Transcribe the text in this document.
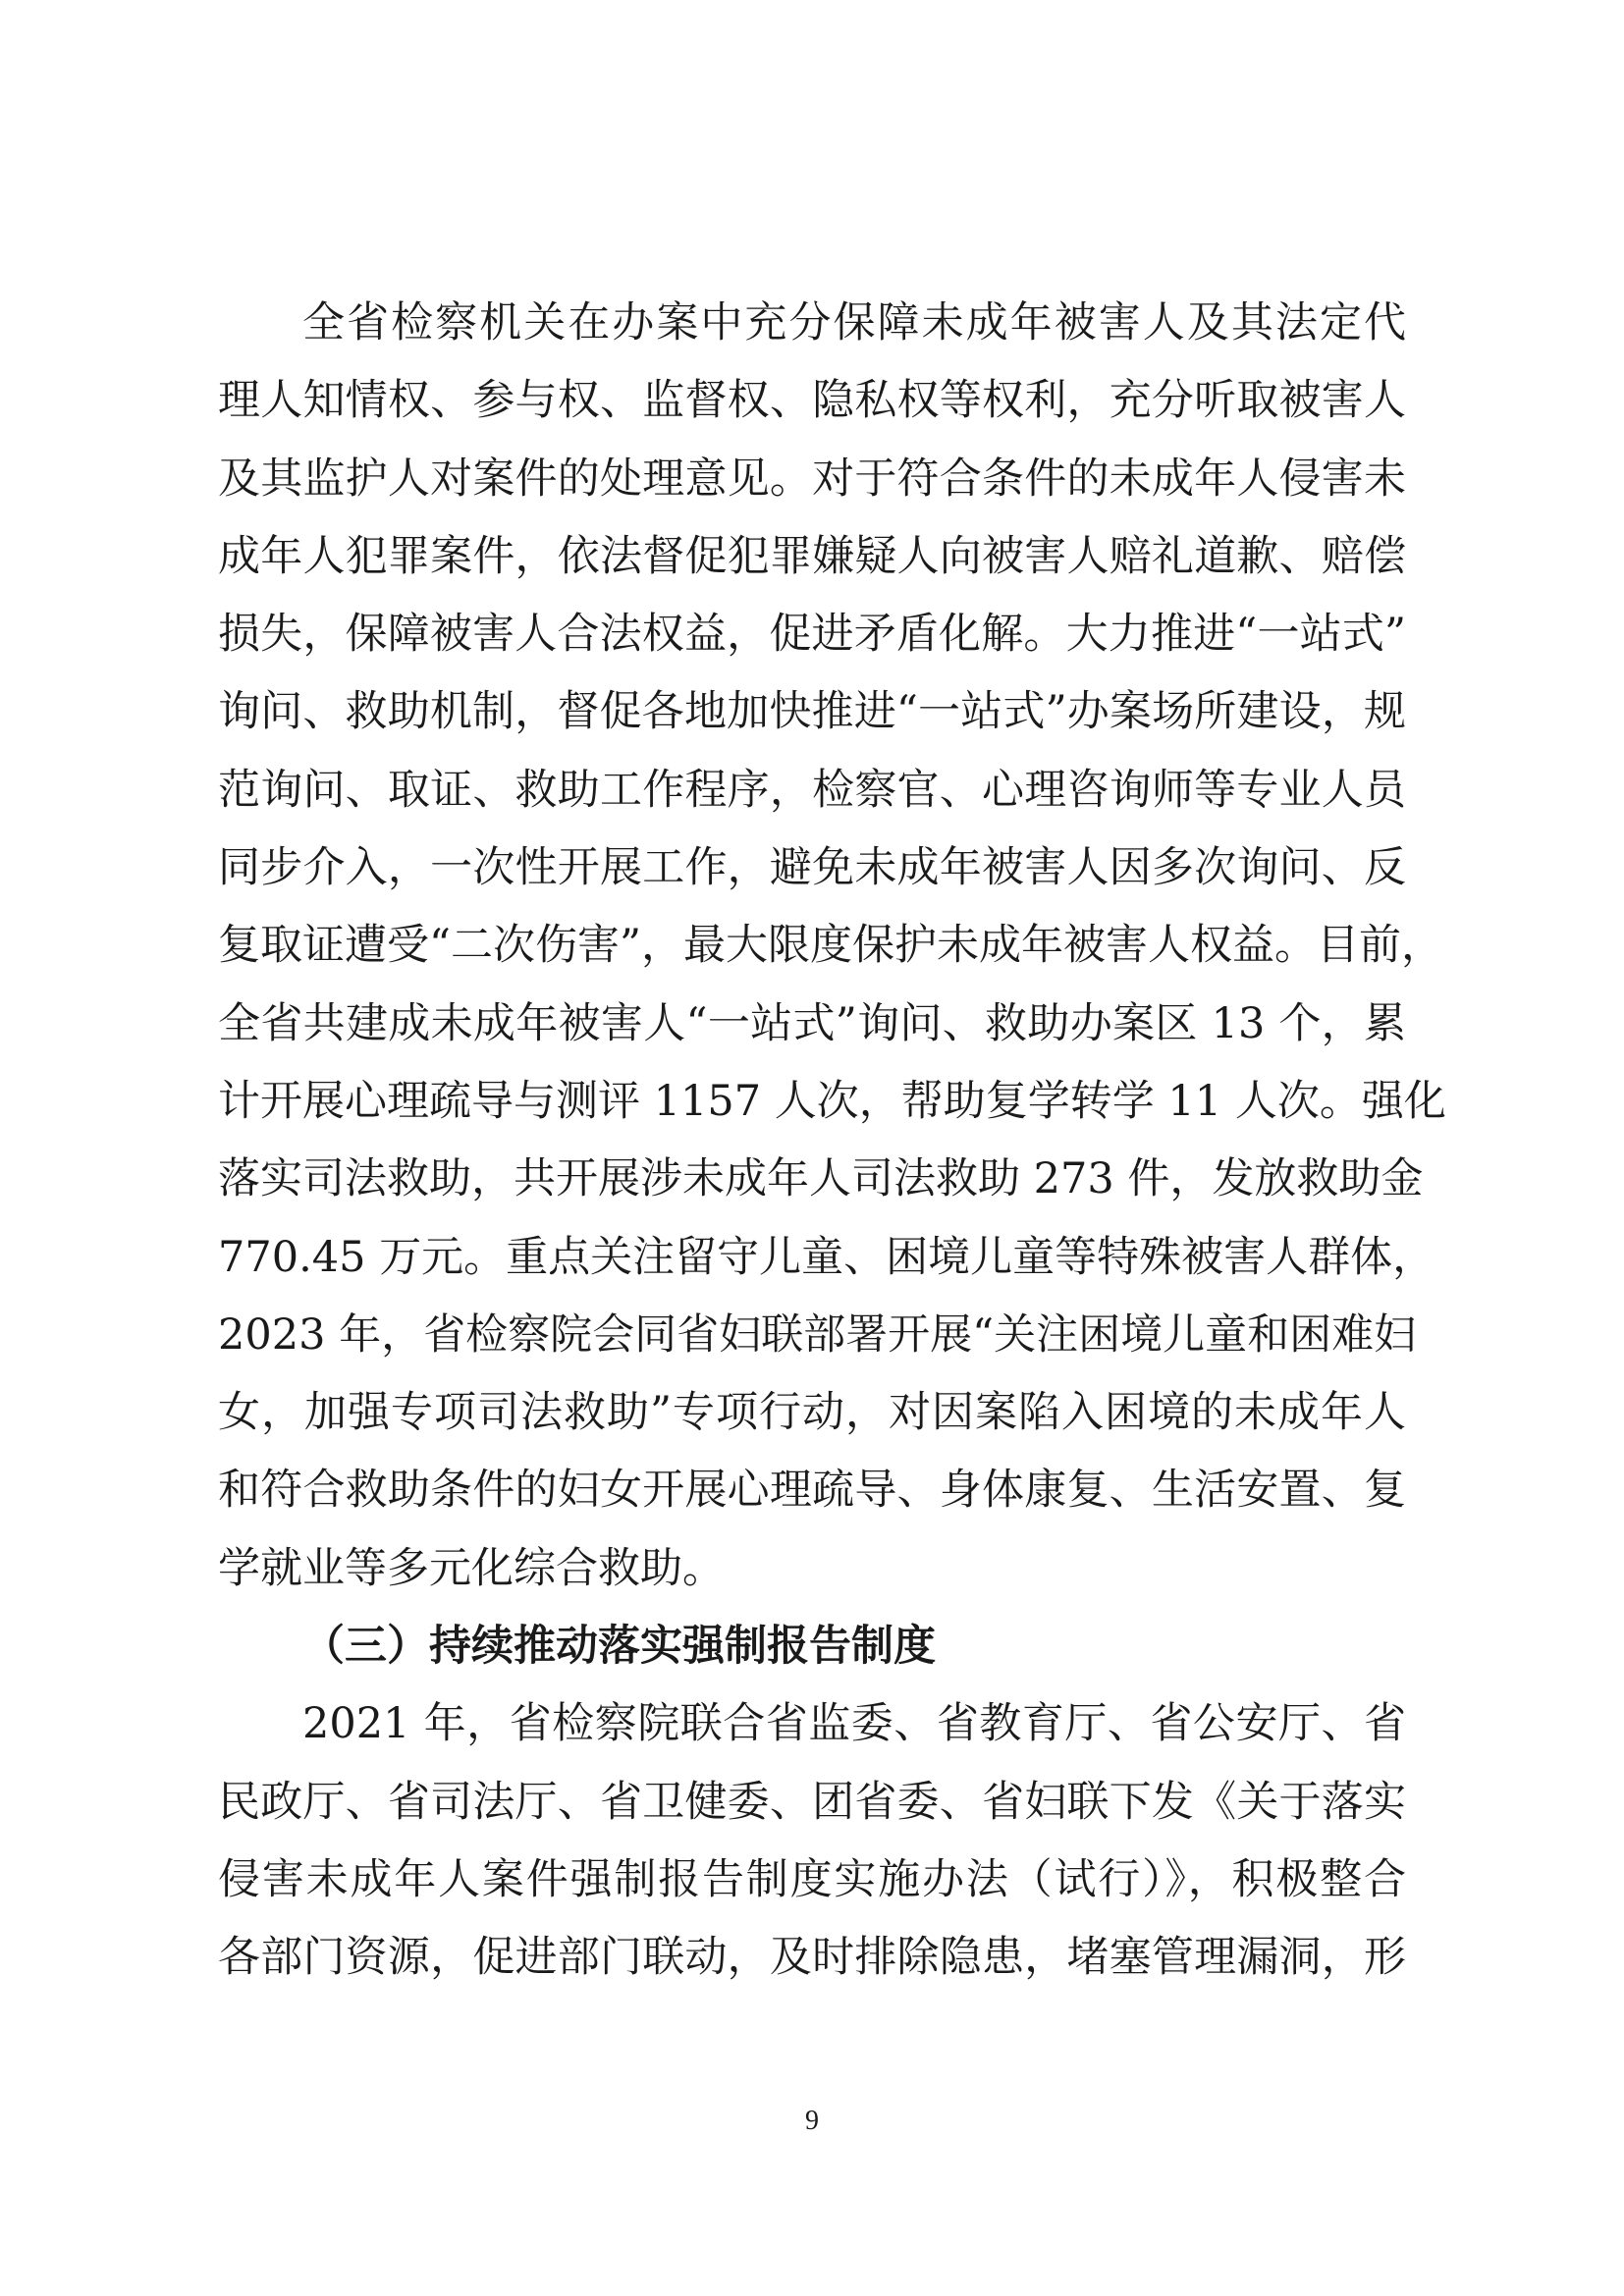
全省检察机关在办案中充分保障未成年被害人及其法定代
理人知情权、参与权、监督权、隐私权等权利，充分听取被害人
及其监护人对案件的处理意见。对于符合条件的未成年人侵害未
成年人犯罪案件，依法督促犯罪嫌疑人向被害人赔礼道歉、赔偿
损失，保障被害人合法权益，促进矛盾化解。大力推进“一站式”
询问、救助机制，督促各地加快推进“一站式”办案场所建设，规
范询问、取证、救助工作程序，检察官、心理咨询师等专业人员
同步介入，一次性开展工作，避免未成年被害人因多次询问、反
复取证遭受“二次伤害”，最大限度保护未成年被害人权益。目前，
全省共建成未成年被害人“一站式”询问、救助办案区 13 个，累
计开展心理疏导与测评 1157 人次，帮助复学转学 11 人次。强化
落实司法救助，共开展涉未成年人司法救助 273 件，发放救助金
770.45 万元。重点关注留守儿童、困境儿童等特殊被害人群体，
2023 年，省检察院会同省妇联部署开展“关注困境儿童和困难妇
女，加强专项司法救助”专项行动，对因案陷入困境的未成年人
和符合救助条件的妇女开展心理疏导、身体康复、生活安置、复
学就业等多元化综合救助。
（三）持续推动落实强制报告制度
2021 年，省检察院联合省监委、省教育厅、省公安厅、省
民政厅、省司法厅、省卫健委、团省委、省妇联下发《关于落实
侵害未成年人案件强制报告制度实施办法（试行）》，积极整合
各部门资源，促进部门联动，及时排除隐患，堵塞管理漏洞，形
9
